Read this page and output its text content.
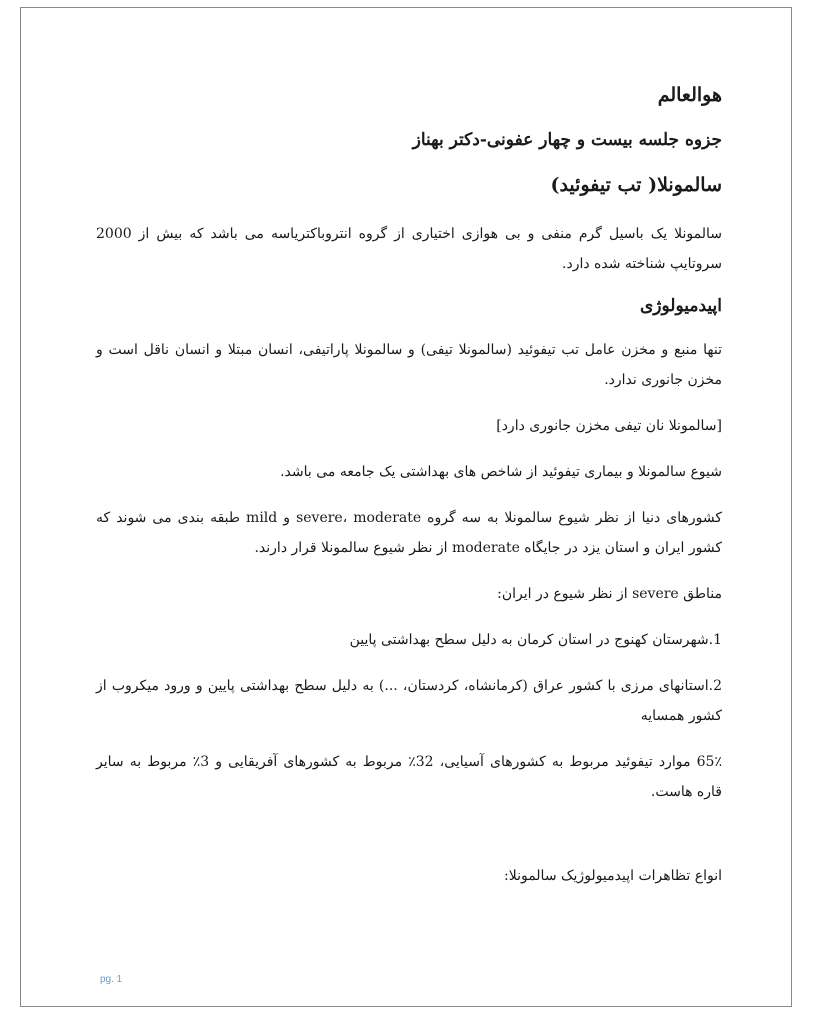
هوالعالم
جزوه جلسه بیست و چهار عفونی-دکتر بهناز
سالمونلا( تب تیفوئید)
سالمونلا یک باسیل گرم منفی و بی هوازی اختیاری از گروه انتروباکتریاسه می باشد که بیش از 2000 سروتایپ شناخته شده دارد.
اپیدمیولوژی
تنها منبع و مخزن عامل تب تیفوئید (سالمونلا تیفی) و سالمونلا پاراتیفی، انسان مبتلا و انسان ناقل است و مخزن جانوری ندارد.
[سالمونلا نان تیفی مخزن جانوری دارد]
شیوع سالمونلا و بیماری تیفوئید از شاخص های بهداشتی یک جامعه می باشد.
کشورهای دنیا از نظر شیوع سالمونلا به سه گروه severe، moderate و mild طبقه بندی می شوند که کشور ایران و استان یزد در جایگاه moderate از نظر شیوع سالمونلا قرار دارند.
مناطق severe از نظر شیوع در ایران:
1.شهرستان کهنوج در استان کرمان به دلیل سطح بهداشتی پایین
2.استانهای مرزی با کشور عراق (کرمانشاه، کردستان، ...) به دلیل سطح بهداشتی پایین و ورود میکروب از کشور همسایه
65٪ موارد تیفوئید مربوط به کشورهای آسیایی، 32٪ مربوط به کشورهای آفریقایی و 3٪ مربوط به سایر قاره هاست.
انواع تظاهرات اپیدمیولوژیک سالمونلا:
pg. 1
